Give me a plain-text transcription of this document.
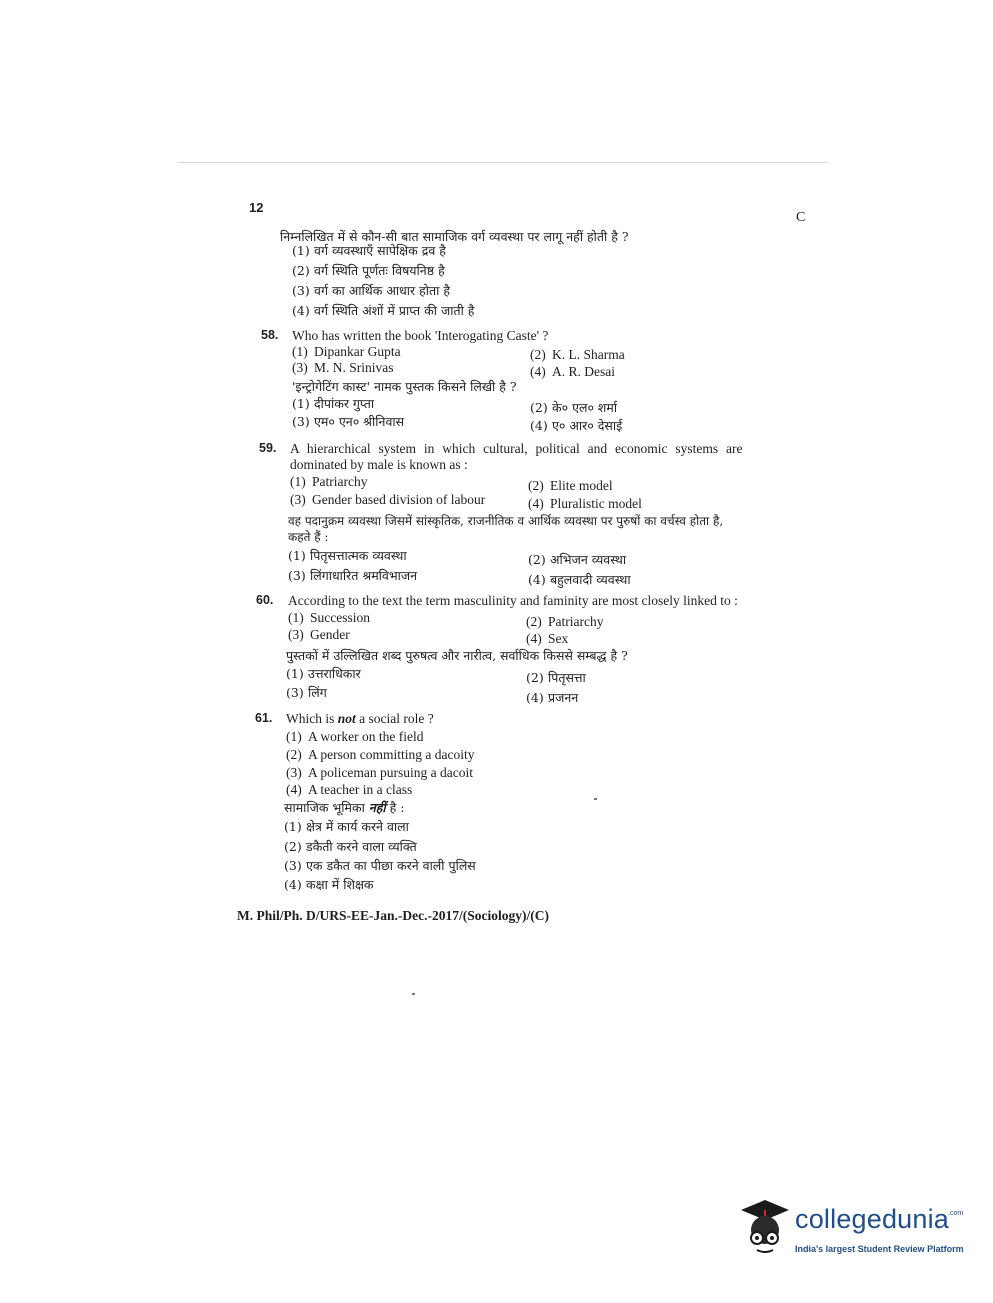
12
C
निम्नलिखित में से कौन-सी बात सामाजिक वर्ग व्यवस्था पर लागू नहीं होती है ?
(1) वर्ग व्यवस्थाएँ सापेक्षिक द्रव है
(2) वर्ग स्थिति पूर्णतः विषयनिष्ठ है
(3) वर्ग का आर्थिक आधार होता है
(4) वर्ग स्थिति अंशों में प्राप्त की जाती है
58. Who has written the book 'Interogating Caste' ?
(1) Dipankar Gupta	(2) K. L. Sharma
(3) M. N. Srinivas	(4) A. R. Desai
'इन्ट्रोगेटिंग कास्ट' नामक पुस्तक किसने लिखी है ?
(1) दीपांकर गुप्ता	(2) के० एल० शर्मा
(3) एम० एन० श्रीनिवास	(4) ए० आर० देसाई
59. A hierarchical system in which cultural, political and economic systems are
dominated by male is known as :
(1) Patriarchy	(2) Elite model
(3) Gender based division of labour	(4) Pluralistic model
वह पदानुक्रम व्यवस्था जिसमें सांस्कृतिक, राजनीतिक व आर्थिक व्यवस्था पर पुरुषों का वर्चस्व होता है,
कहते हैं :
(1) पितृसत्तात्मक व्यवस्था	(2) अभिजन व्यवस्था
(3) लिंगाधारित श्रमविभाजन	(4) बहुलवादी व्यवस्था
60. According to the text the term masculinity and faminity are most closely linked to :
(1) Succession	(2) Patriarchy
(3) Gender	(4) Sex
पुस्तकों में उल्लिखित शब्द पुरुषत्व और नारीत्व, सर्वाधिक किससे सम्बद्ध है ?
(1) उत्तराधिकार	(2) पितृसत्ता
(3) लिंग	(4) प्रजनन
61. Which is not a social role ?
(1) A worker on the field
(2) A person committing a dacoity
(3) A policeman pursuing a dacoit
(4) A teacher in a class
सामाजिक भूमिका नहीं है :
(1) क्षेत्र में कार्य करने वाला
(2) डकैती करने वाला व्यक्ति
(3) एक डकैत का पीछा करने वाली पुलिस
(4) कक्षा में शिक्षक
M. Phil/Ph. D/URS-EE-Jan.-Dec.-2017/(Sociology)/(C)
collegedunia
.com
India's largest Student Review Platform
